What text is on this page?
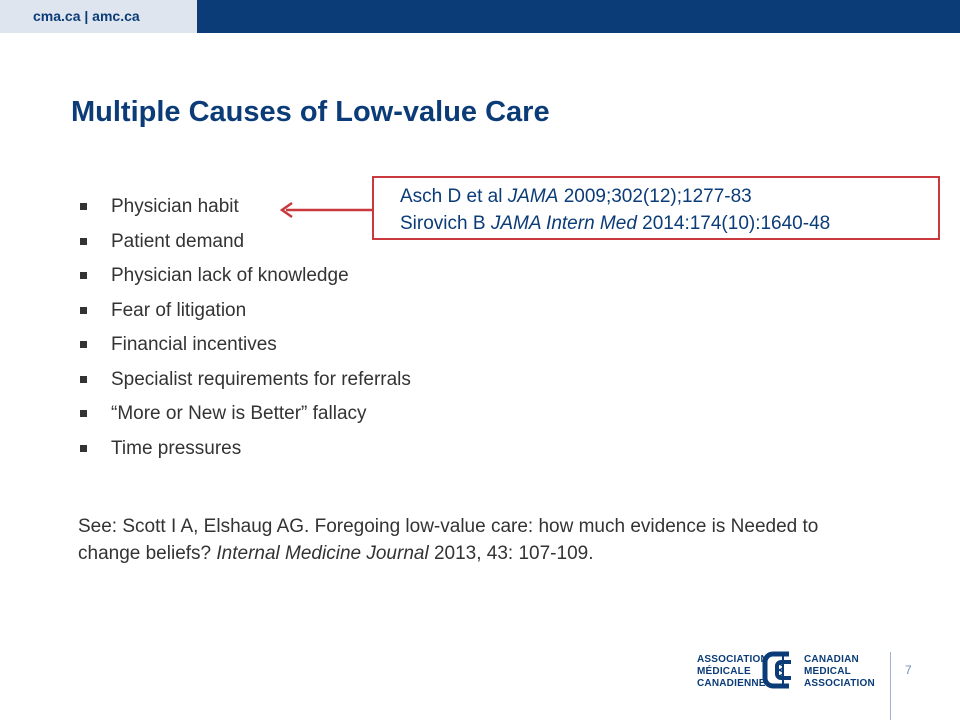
cma.ca | amc.ca
Multiple Causes of Low-value Care
Physician habit
Patient demand
Physician lack of knowledge
Fear of litigation
Financial incentives
Specialist requirements for referrals
“More or New is Better” fallacy
Time pressures
Asch D et al JAMA 2009;302(12);1277-83
Sirovich B JAMA Intern Med 2014:174(10):1640-48
See: Scott I A, Elshaug AG. Foregoing low-value care: how much evidence is Needed to change beliefs? Internal Medicine Journal 2013, 43: 107-109.
7
ASSOCIATION
MÉDICALE
CANADIENNE
CANADIAN
MEDICAL
ASSOCIATION
